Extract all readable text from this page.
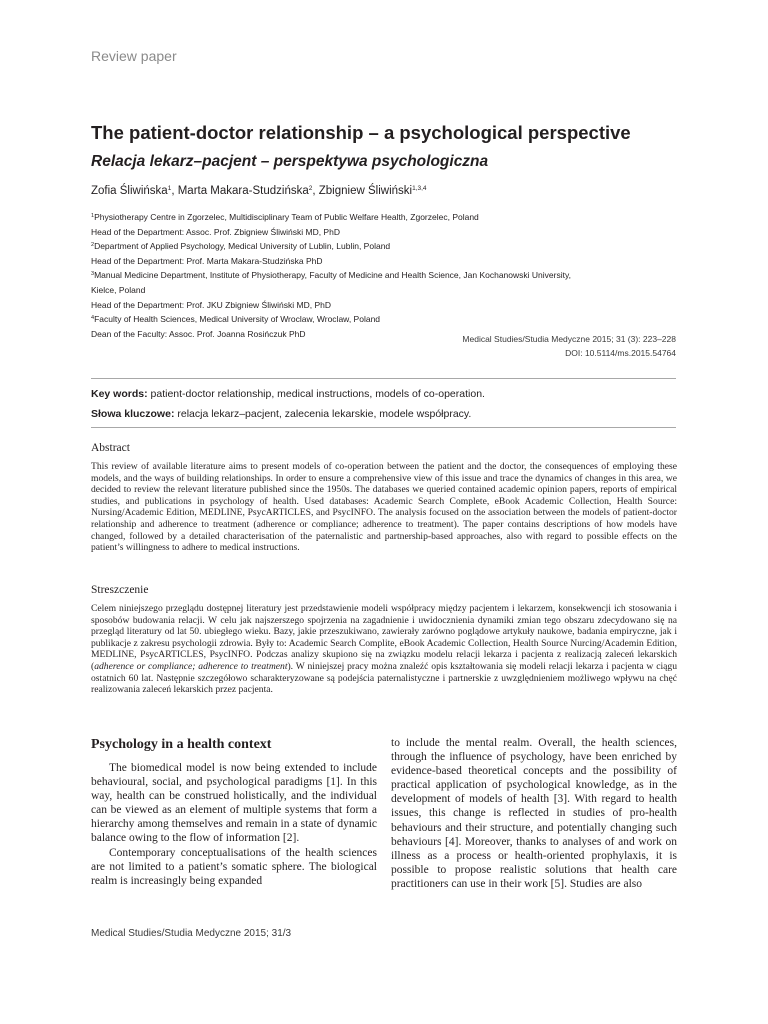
Review paper
The patient-doctor relationship – a psychological perspective
Relacja lekarz–pacjent – perspektywa psychologiczna
Zofia Śliwińska$^1$, Marta Makara-Studzińska$^2$, Zbigniew Śliwiński$^{1,3,4}$
$^1$Physiotherapy Centre in Zgorzelec, Multidisciplinary Team of Public Welfare Health, Zgorzelec, Poland
Head of the Department: Assoc. Prof. Zbigniew Śliwiński MD, PhD
$^2$Department of Applied Psychology, Medical University of Lublin, Lublin, Poland
Head of the Department: Prof. Marta Makara-Studzińska PhD
$^3$Manual Medicine Department, Institute of Physiotherapy, Faculty of Medicine and Health Science, Jan Kochanowski University,
Kielce, Poland
Head of the Department: Prof. JKU Zbigniew Śliwiński MD, PhD
$^4$Faculty of Health Sciences, Medical University of Wroclaw, Wroclaw, Poland
Dean of the Faculty: Assoc. Prof. Joanna Rosińczuk PhD
Medical Studies/Studia Medyczne 2015; 31 (3): 223–228
DOI: 10.5114/ms.2015.54764
Key words: patient-doctor relationship, medical instructions, models of co-operation.
Słowa kluczowe: relacja lekarz–pacjent, zalecenia lekarskie, modele współpracy.
Abstract
This review of available literature aims to present models of co-operation between the patient and the doctor, the consequences of employing these models, and the ways of building relationships. In order to ensure a comprehensive view of this issue and trace the dynamics of changes in this area, we decided to review the relevant literature published since the 1950s. The databases we queried contained academic opinion papers, reports of empirical studies, and publications in psychology of health. Used databases: Academic Search Complete, eBook Academic Collection, Health Source: Nursing/Academic Edition, MEDLINE, PsycARTICLES, and PsycINFO. The analysis focused on the association between the models of patient-doctor relationship and adherence to treatment (adherence or compliance; adherence to treatment). The paper contains descriptions of how models have changed, followed by a detailed characterisation of the paternalistic and partnership-based approaches, also with regard to possible effects on the patient’s willingness to adhere to medical instructions.
Streszczenie
Celem niniejszego przeglądu dostępnej literatury jest przedstawienie modeli współpracy między pacjentem i lekarzem, konsekwencji ich stosowania i sposobów budowania relacji. W celu jak najszerszego spojrzenia na zagadnienie i uwidocznienia dynamiki zmian tego obszaru zdecydowano się na przegląd literatury od lat 50. ubiegłego wieku. Bazy, jakie przeszukiwano, zawierały zarówno poglądowe artykuły naukowe, badania empiryczne, jak i publikacje z zakresu psychologii zdrowia. Były to: Academic Search Complite, eBook Academic Collection, Health Source Nurcing/Academin Edition, MEDLINE, PsycARTICLES, PsycINFO. Podczas analizy skupiono się na związku modelu relacji lekarza i pacjenta z realizacją zaleceń lekarskich (adherence or compliance; adherence to treatment). W niniejszej pracy można znaleźć opis kształtowania się modeli relacji lekarza i pacjenta w ciągu ostatnich 60 lat. Następnie szczegółowo scharakteryzowane są podejścia paternalistyczne i partnerskie z uwzględnieniem możliwego wpływu na chęć realizowania zaleceń lekarskich przez pacjenta.
Psychology in a health context

The biomedical model is now being extended to include behavioural, social, and psychological paradigms [1]. In this way, health can be construed holistically, and the individual can be viewed as an element of multiple systems that form a hierarchy among themselves and remain in a state of dynamic balance owing to the flow of information [2].

Contemporary conceptualisations of the health sciences are not limited to a patient’s somatic sphere. The biological realm is increasingly being expanded

to include the mental realm. Overall, the health sciences, through the influence of psychology, have been enriched by evidence-based theoretical concepts and the possibility of practical application of psychological knowledge, as in the development of models of health [3]. With regard to health issues, this change is reflected in studies of pro-health behaviours and their structure, and potentially changing such behaviours [4]. Moreover, thanks to analyses of and work on illness as a process or health-oriented prophylaxis, it is possible to propose realistic solutions that health care practitioners can use in their work [5]. Studies are also

Medical Studies/Studia Medyczne 2015; 31/3
